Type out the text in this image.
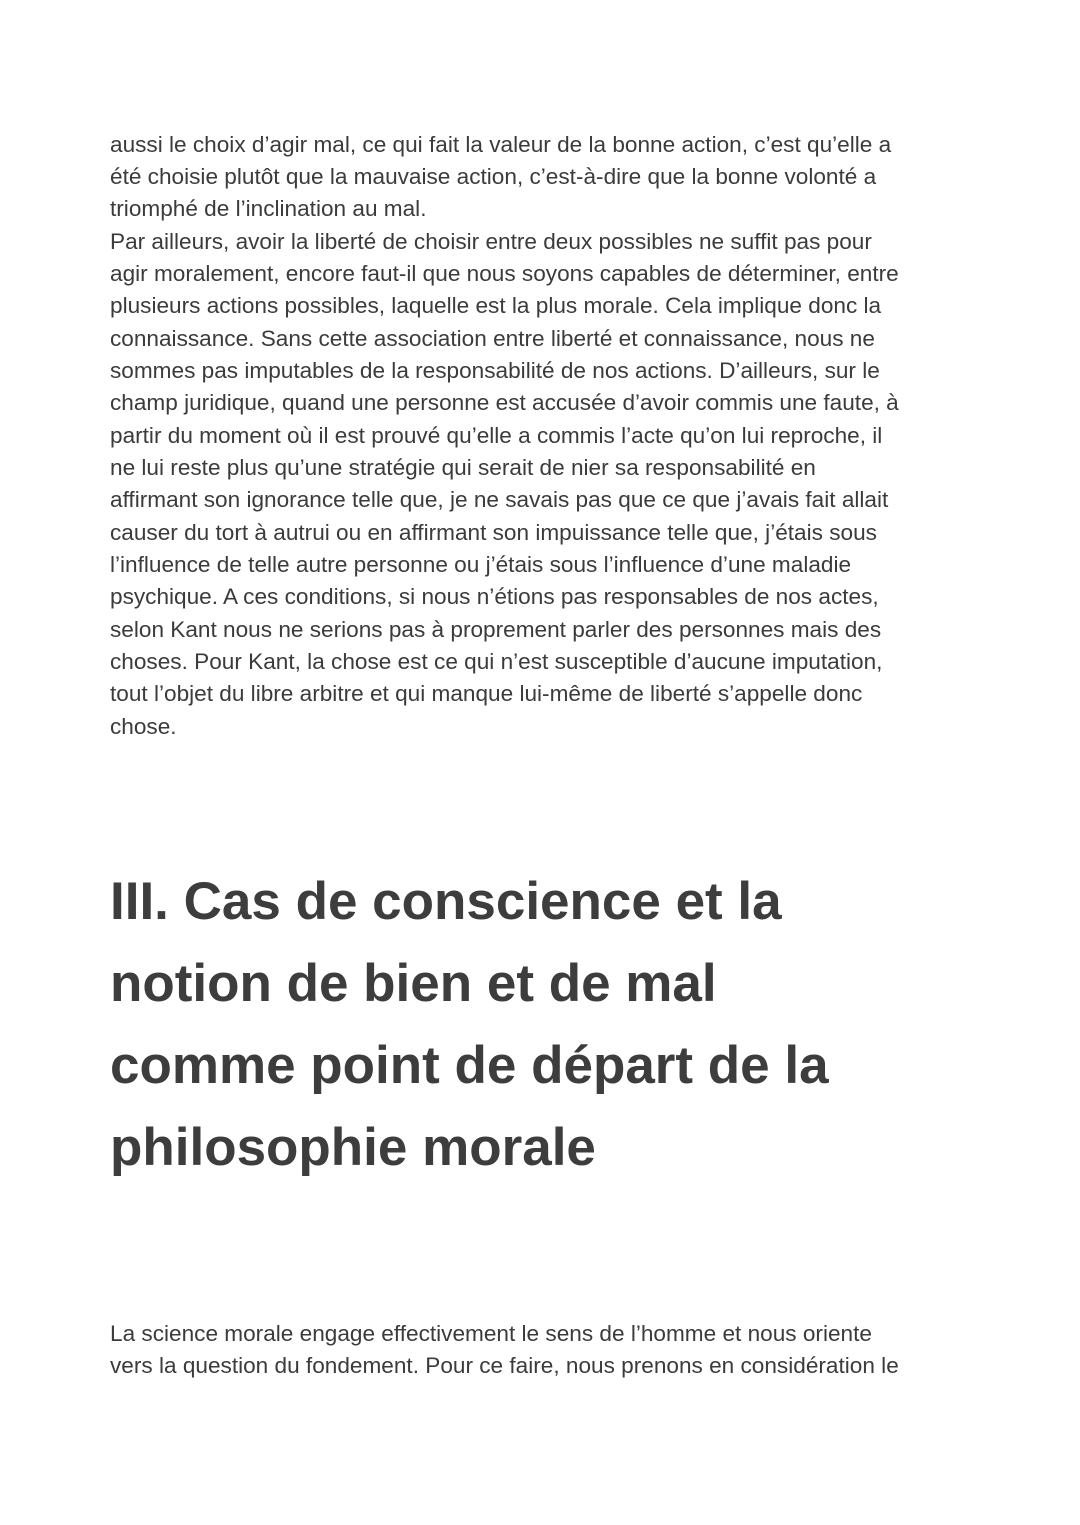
aussi le choix d’agir mal, ce qui fait la valeur de la bonne action, c’est qu’elle a

été choisie plutôt que la mauvaise action, c’est-à-dire que la bonne volonté a

triomphé de l’inclination au mal.

Par ailleurs, avoir la liberté de choisir entre deux possibles ne suffit pas pour

agir moralement, encore faut-il que nous soyons capables de déterminer, entre

plusieurs actions possibles, laquelle est la plus morale. Cela implique donc la

connaissance. Sans cette association entre liberté et connaissance, nous ne

sommes pas imputables de la responsabilité de nos actions. D’ailleurs, sur le

champ juridique, quand une personne est accusée d’avoir commis une faute, à

partir du moment où il est prouvé qu’elle a commis l’acte qu’on lui reproche, il

ne lui reste plus qu’une stratégie qui serait de nier sa responsabilité en

affirmant son ignorance telle que, je ne savais pas que ce que j’avais fait allait

causer du tort à autrui ou en affirmant son impuissance telle que, j’étais sous

l’influence de telle autre personne ou j’étais sous l’influence d’une maladie

psychique. A ces conditions, si nous n’étions pas responsables de nos actes,

selon Kant nous ne serions pas à proprement parler des personnes mais des

choses. Pour Kant, la chose est ce qui n’est susceptible d’aucune imputation,

tout l’objet du libre arbitre et qui manque lui-même de liberté s’appelle donc

chose.

III. Cas de conscience et la
notion de bien et de mal
comme point de départ de la
philosophie morale

La science morale engage effectivement le sens de l’homme et nous oriente

vers la question du fondement. Pour ce faire, nous prenons en considération le
